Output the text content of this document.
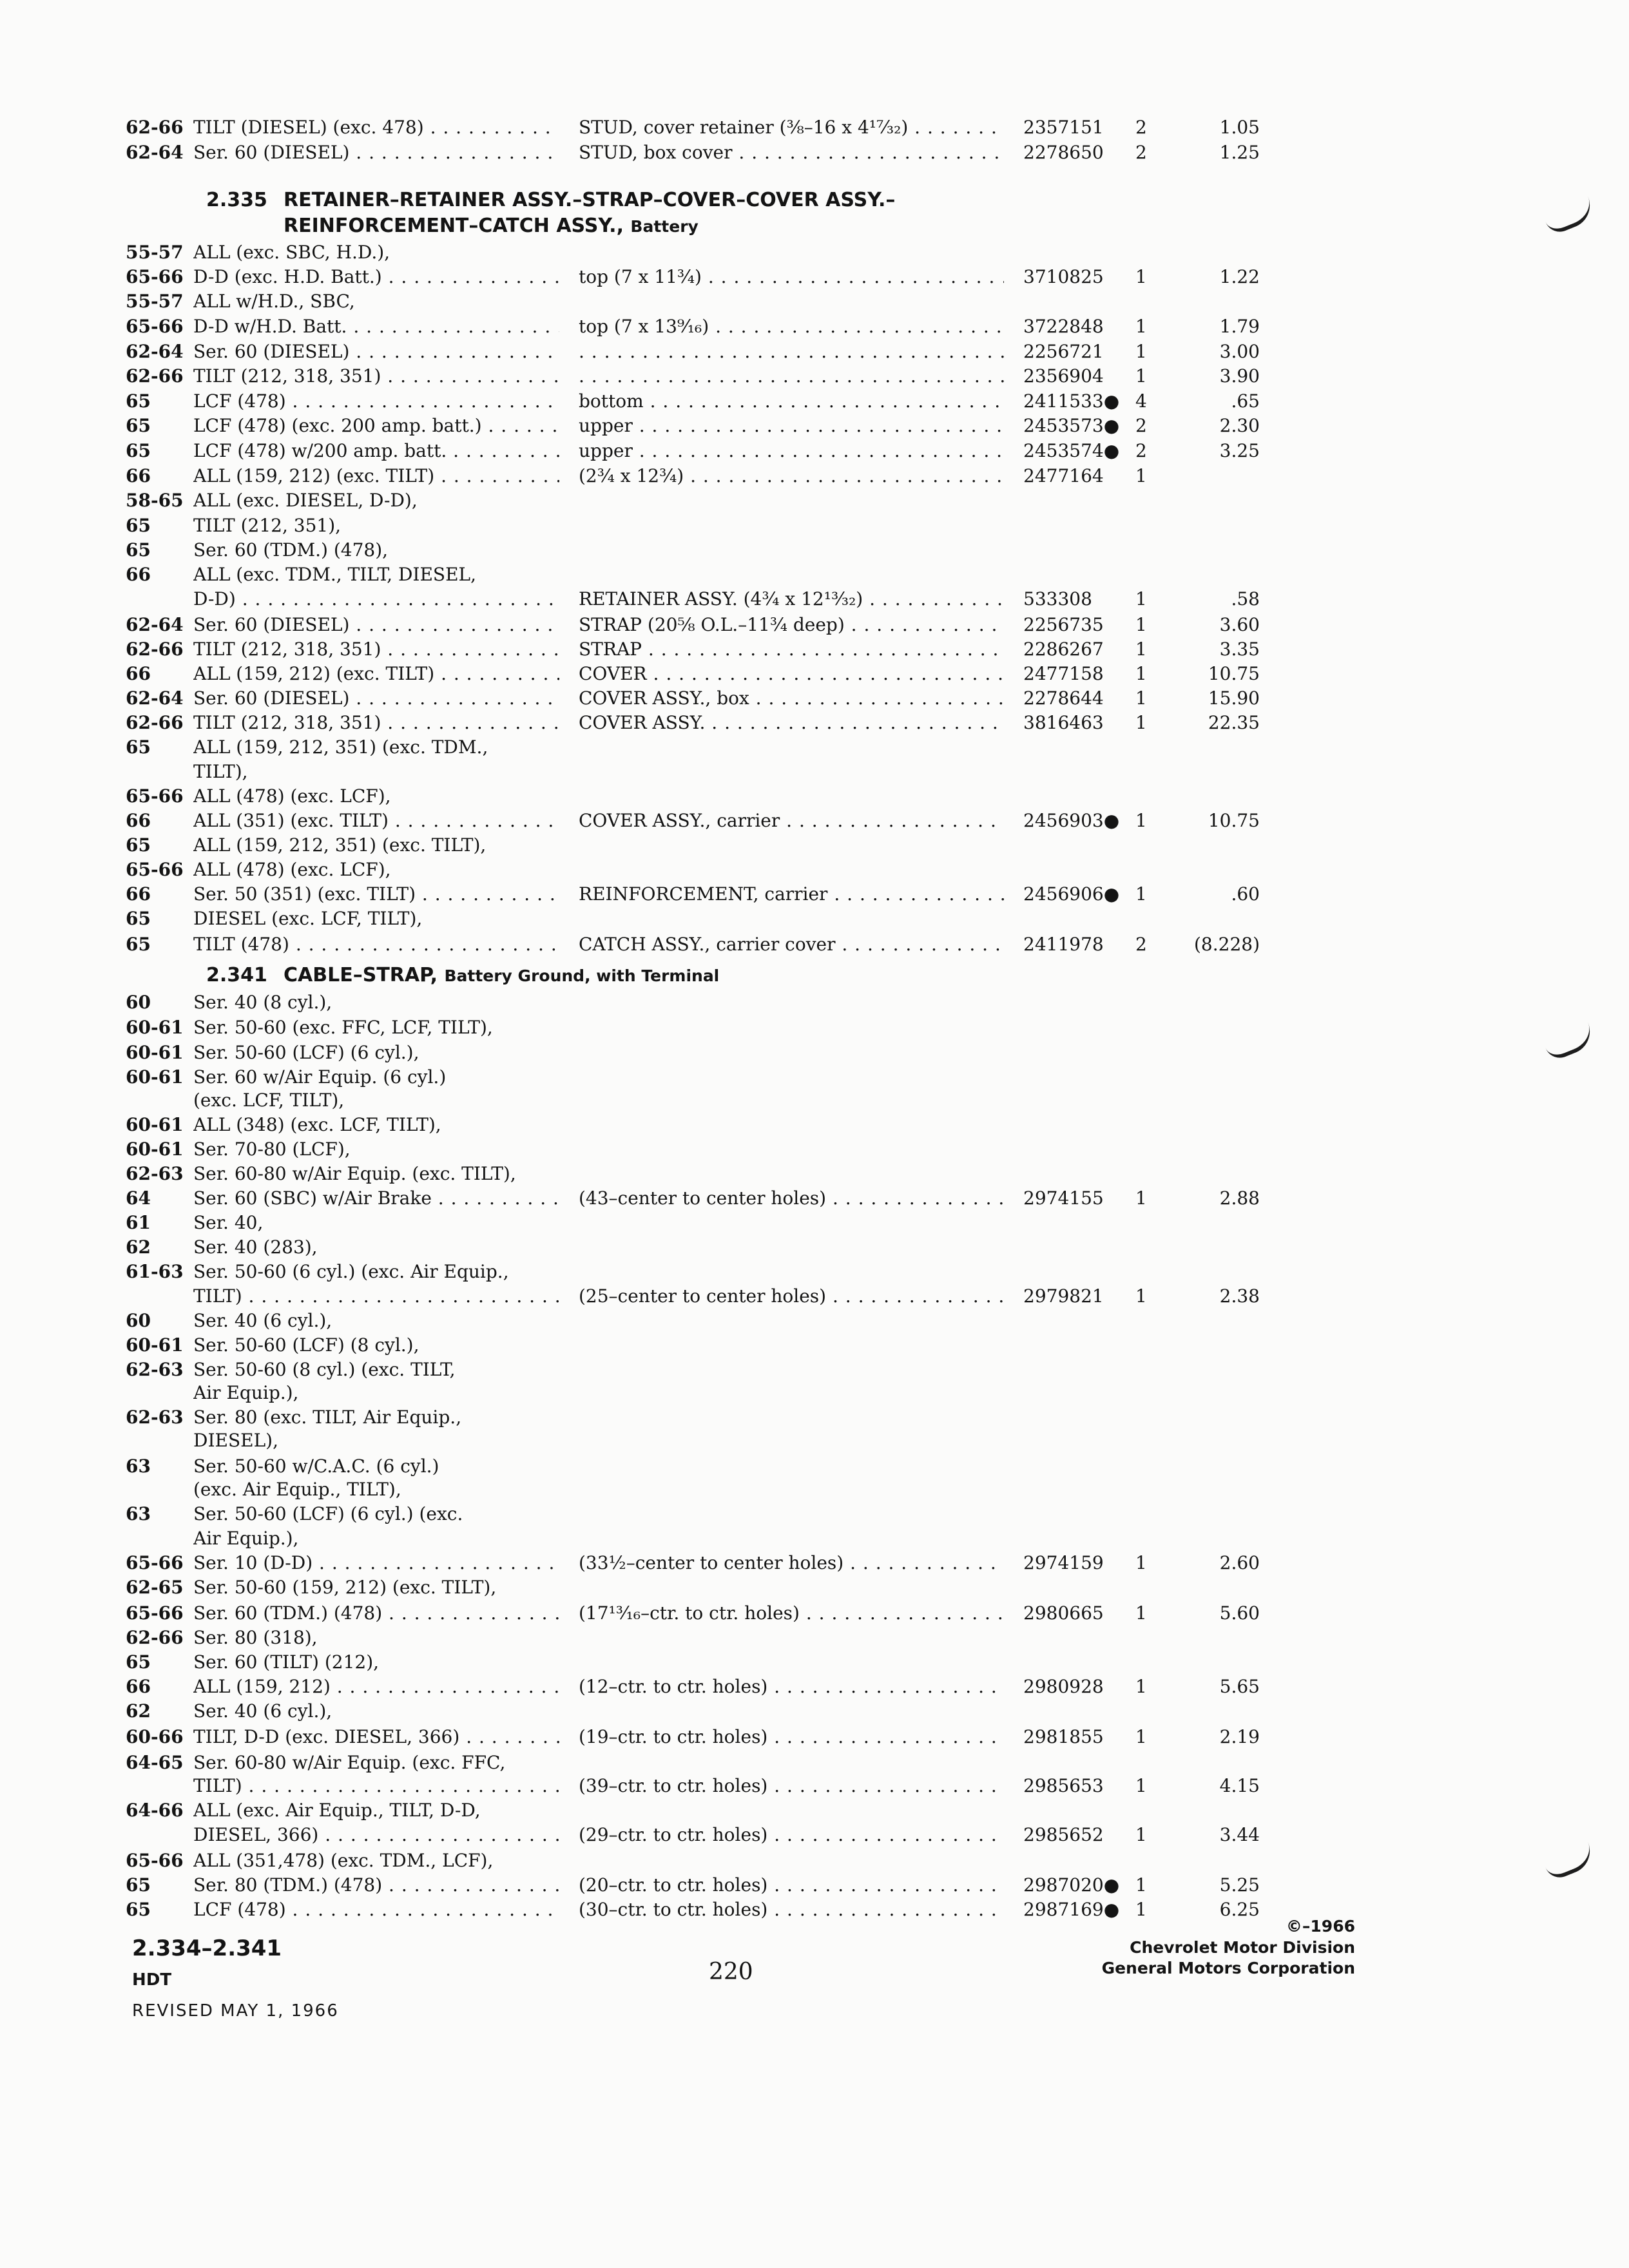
62-66 TILT (DIESEL) (exc. 478) . . .	STUD, cover retainer (⅜–16 x 4¹⁷⁄₃₂) . . .	2357151	2	1.05
62-64 Ser. 60 (DIESEL) . . .	STUD, box cover . . .	2278650	2	1.25
2.335 RETAINER–RETAINER ASSY.–STRAP–COVER–COVER ASSY.–
REINFORCEMENT–CATCH ASSY., Battery
55-57 ALL (exc. SBC, H.D.),
65-66 D-D (exc. H.D. Batt.) . . .	top (7 x 11¾) . . .	3710825	1	1.22
55-57 ALL w/H.D., SBC,
65-66 D-D w/H.D. Batt. . . .	top (7 x 13⁹⁄₁₆) . . .	3722848	1	1.79
62-64 Ser. 60 (DIESEL) . . . . . .	2256721	1	3.00
62-66 TILT (212, 318, 351) . . . . . .	2356904	1	3.90
65	LCF (478) . . .	bottom . . .	2411533● 4	.65
65	LCF (478) (exc. 200 amp. batt.) . . .	upper . . .	2453573● 2	2.30
65	LCF (478) w/200 amp. batt. . . .	upper . . .	2453574● 2	3.25
66	ALL (159, 212) (exc. TILT) . . .	(2¾ x 12¾) . . .	2477164	1
58-65 ALL (exc. DIESEL, D-D),
65	TILT (212, 351),
65	Ser. 60 (TDM.) (478),
66	ALL (exc. TDM., TILT, DIESEL,
D-D) . . .	RETAINER ASSY. (4¾ x 12¹³⁄₃₂) . . .	533308	1	.58
62-64 Ser. 60 (DIESEL) . . .	STRAP (20⅝ O.L.–11¾ deep) . . .	2256735	1	3.60
62-66 TILT (212, 318, 351) . . .	STRAP . . .	2286267	1	3.35
66	ALL (159, 212) (exc. TILT) . . .	COVER . . .	2477158	1	10.75
62-64 Ser. 60 (DIESEL) . . .	COVER ASSY., box . . .	2278644	1	15.90
62-66 TILT (212, 318, 351) . . .	COVER ASSY. . . .	3816463	1	22.35
65	ALL (159, 212, 351) (exc. TDM.,
TILT),
65-66 ALL (478) (exc. LCF),
66	ALL (351) (exc. TILT) . . .	COVER ASSY., carrier . . .	2456903● 1	10.75
65	ALL (159, 212, 351) (exc. TILT),
65-66 ALL (478) (exc. LCF),
66	Ser. 50 (351) (exc. TILT) . . .	REINFORCEMENT, carrier . . .	2456906● 1	.60
65	DIESEL (exc. LCF, TILT),
65	TILT (478) . . .	CATCH ASSY., carrier cover . . .	2411978	2	(8.228)
2.341 CABLE–STRAP, Battery Ground, with Terminal
60	Ser. 40 (8 cyl.),
60-61 Ser. 50-60 (exc. FFC, LCF, TILT),
60-61 Ser. 50-60 (LCF) (6 cyl.),
60-61 Ser. 60 w/Air Equip. (6 cyl.)
(exc. LCF, TILT),
60-61 ALL (348) (exc. LCF, TILT),
60-61 Ser. 70-80 (LCF),
62-63 Ser. 60-80 w/Air Equip. (exc. TILT),
64	Ser. 60 (SBC) w/Air Brake . . .	(43–center to center holes) . . .	2974155	1	2.88
61	Ser. 40,
62	Ser. 40 (283),
61-63 Ser. 50-60 (6 cyl.) (exc. Air Equip.,
TILT) . . .	(25–center to center holes) . . .	2979821	1	2.38
60	Ser. 40 (6 cyl.),
60-61 Ser. 50-60 (LCF) (8 cyl.),
62-63 Ser. 50-60 (8 cyl.) (exc. TILT,
Air Equip.),
62-63 Ser. 80 (exc. TILT, Air Equip.,
DIESEL),
63	Ser. 50-60 w/C.A.C. (6 cyl.)
(exc. Air Equip., TILT),
63	Ser. 50-60 (LCF) (6 cyl.) (exc.
Air Equip.),
65-66 Ser. 10 (D-D) . . .	(33½–center to center holes) . . .	2974159	1	2.60
62-65 Ser. 50-60 (159, 212) (exc. TILT),
65-66 Ser. 60 (TDM.) (478) . . .	(17¹³⁄₁₆–ctr. to ctr. holes) . . .	2980665	1	5.60
62-66 Ser. 80 (318),
65	Ser. 60 (TILT) (212),
66	ALL (159, 212) . . .	(12–ctr. to ctr. holes) . . .	2980928	1	5.65
62	Ser. 40 (6 cyl.),
60-66 TILT, D-D (exc. DIESEL, 366) . . .	(19–ctr. to ctr. holes) . . .	2981855	1	2.19
64-65 Ser. 60-80 w/Air Equip. (exc. FFC,
TILT) . . .	(39–ctr. to ctr. holes) . . .	2985653	1	4.15
64-66 ALL (exc. Air Equip., TILT, D-D,
DIESEL, 366) . . .	(29–ctr. to ctr. holes) . . .	2985652	1	3.44
65-66 ALL (351,478) (exc. TDM., LCF),
65	Ser. 80 (TDM.) (478) . . .	(20–ctr. to ctr. holes) . . .	2987020● 1	5.25
65	LCF (478) . . .	(30–ctr. to ctr. holes) . . .	2987169● 1	6.25
2.334–2.341
HDT
REVISED MAY 1, 1966
220
©–1966
Chevrolet Motor Division
General Motors Corporation
